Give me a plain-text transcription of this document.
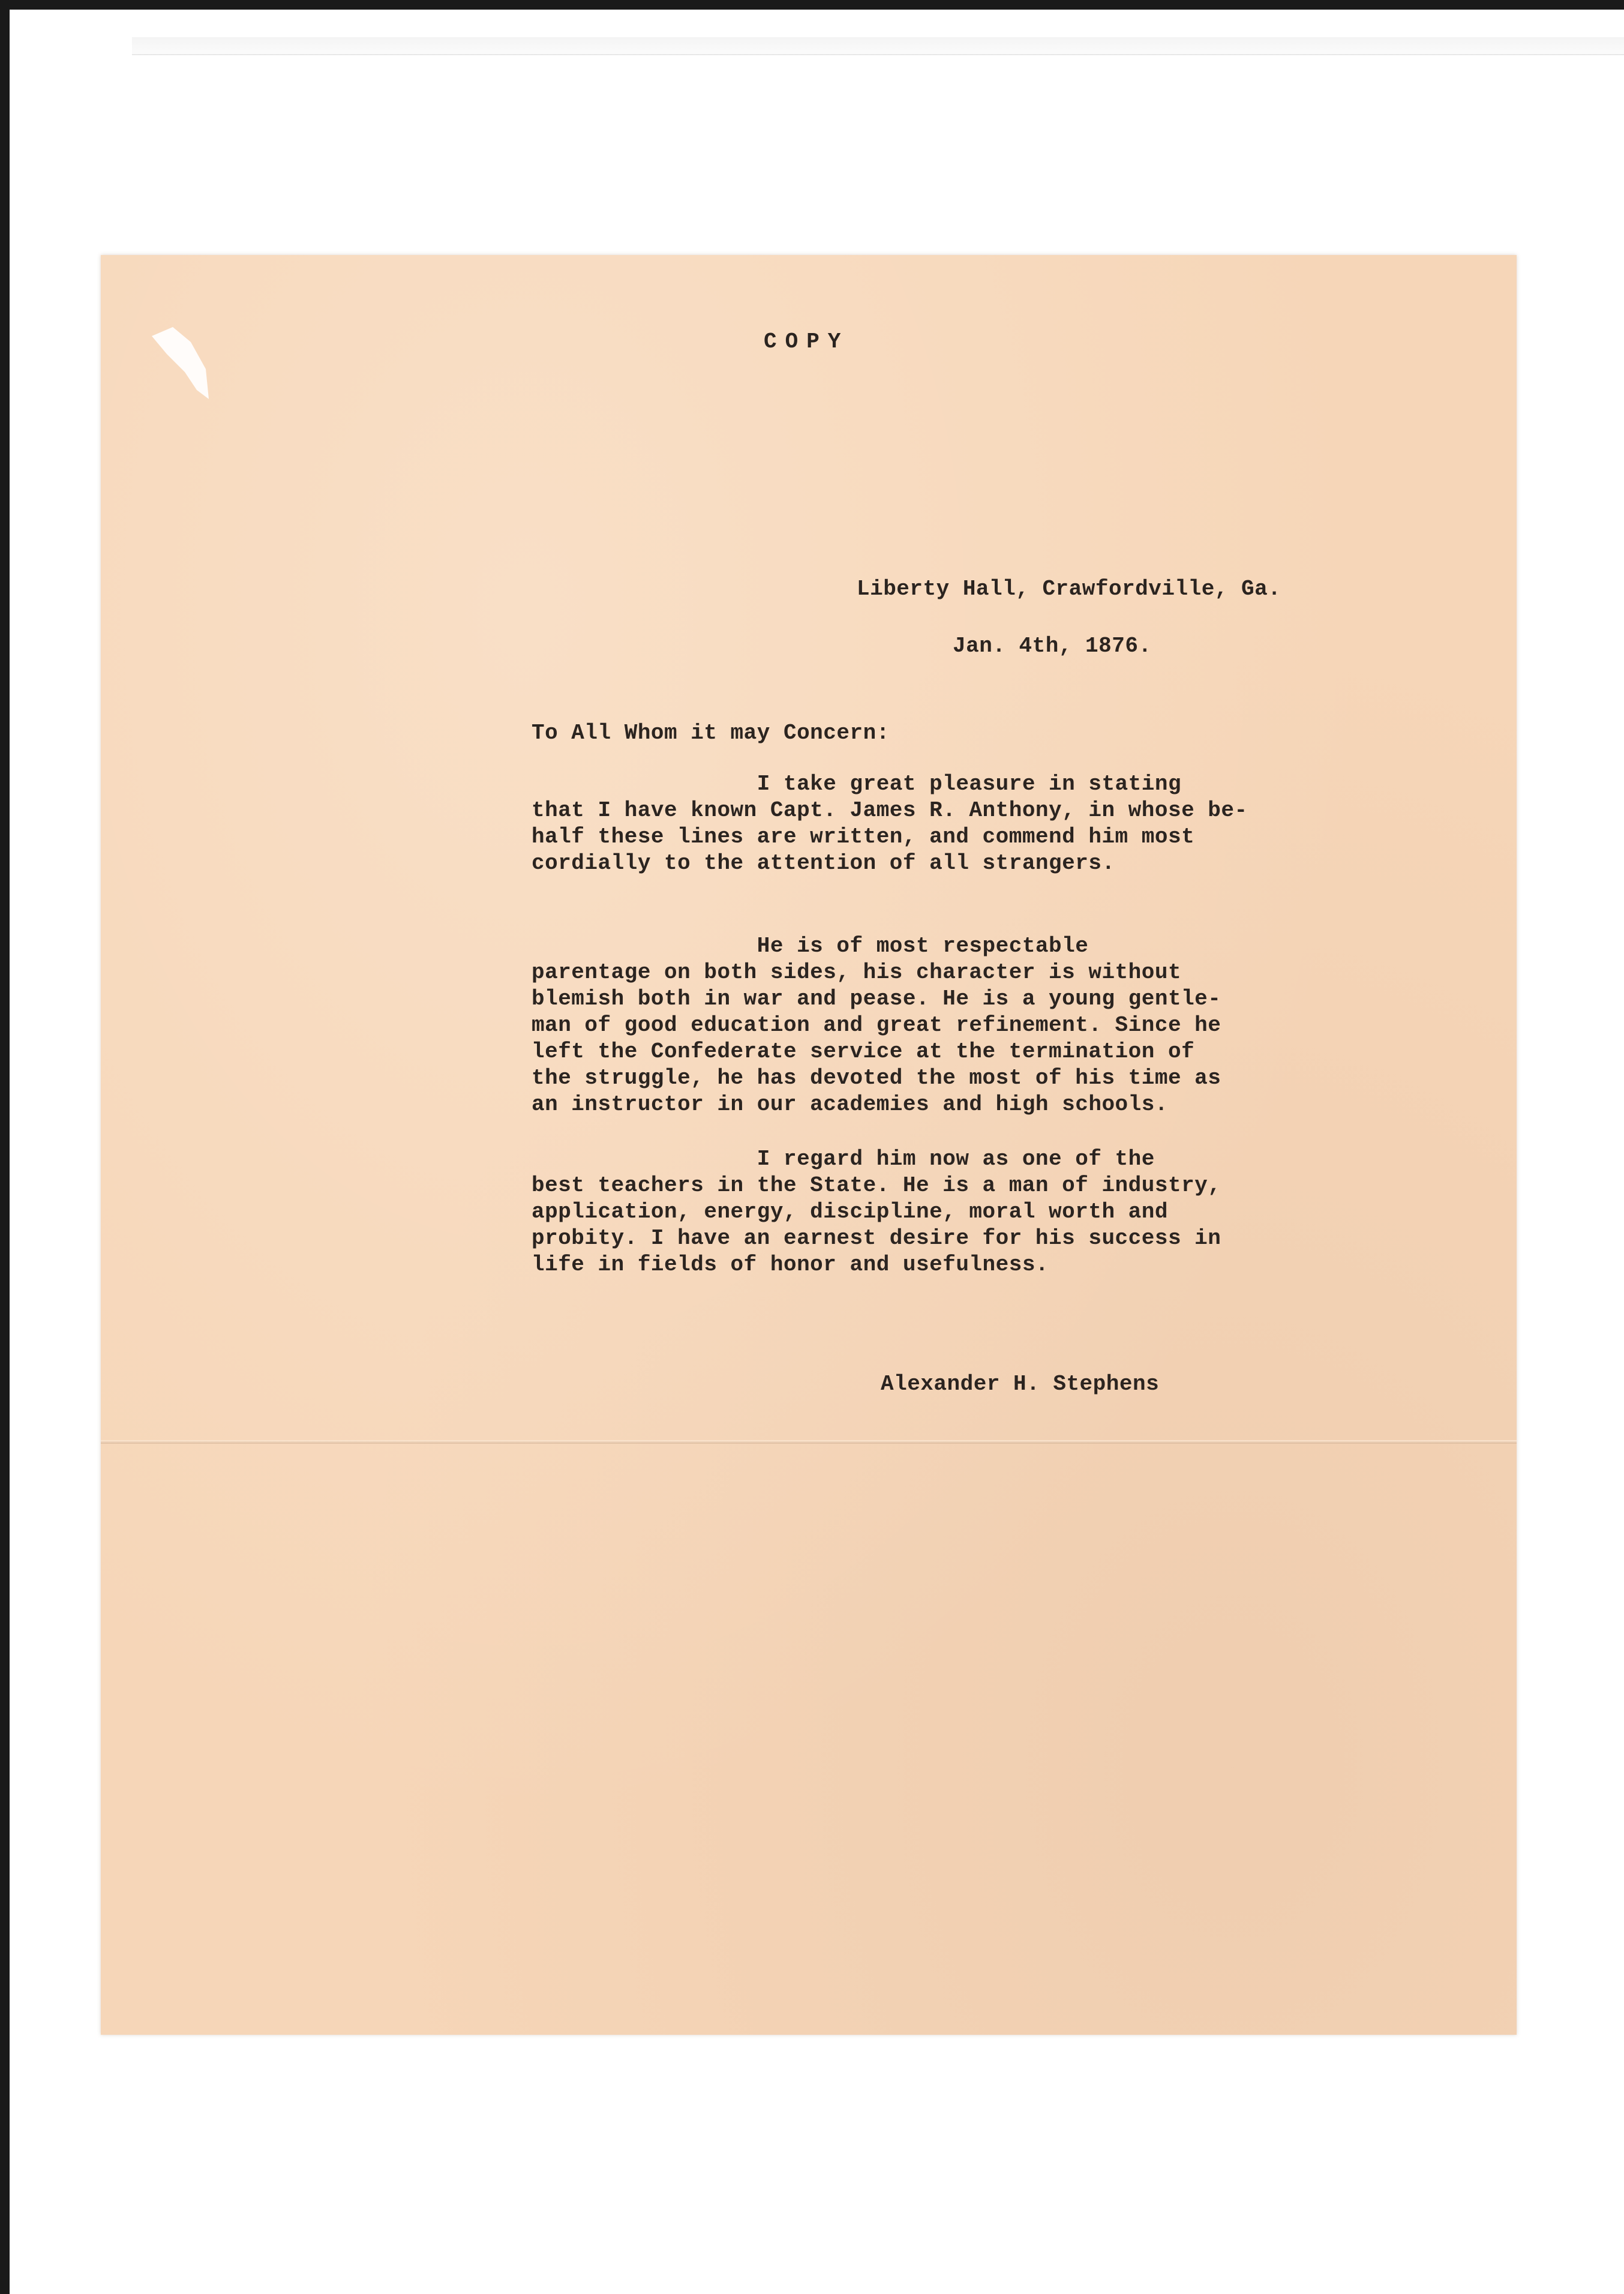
COPY
Liberty Hall, Crawfordville, Ga.
Jan. 4th, 1876.
To All Whom it may Concern:
I take great pleasure in stating
that I have known Capt. James R. Anthony, in whose be-
half these lines are written, and commend him most
cordially to the attention of all strangers.
He is of most respectable
parentage on both sides, his character is without
blemish both in war and pease. He is a young gentle-
man of good education and great refinement. Since he
left the Confederate service at the termination of
the struggle, he has devoted the most of his time as
an instructor in our academies and high schools.
I regard him now as one of the
best teachers in the State. He is a man of industry,
application, energy, discipline, moral worth and
probity. I have an earnest desire for his success in
life in fields of honor and usefulness.
Alexander H. Stephens
